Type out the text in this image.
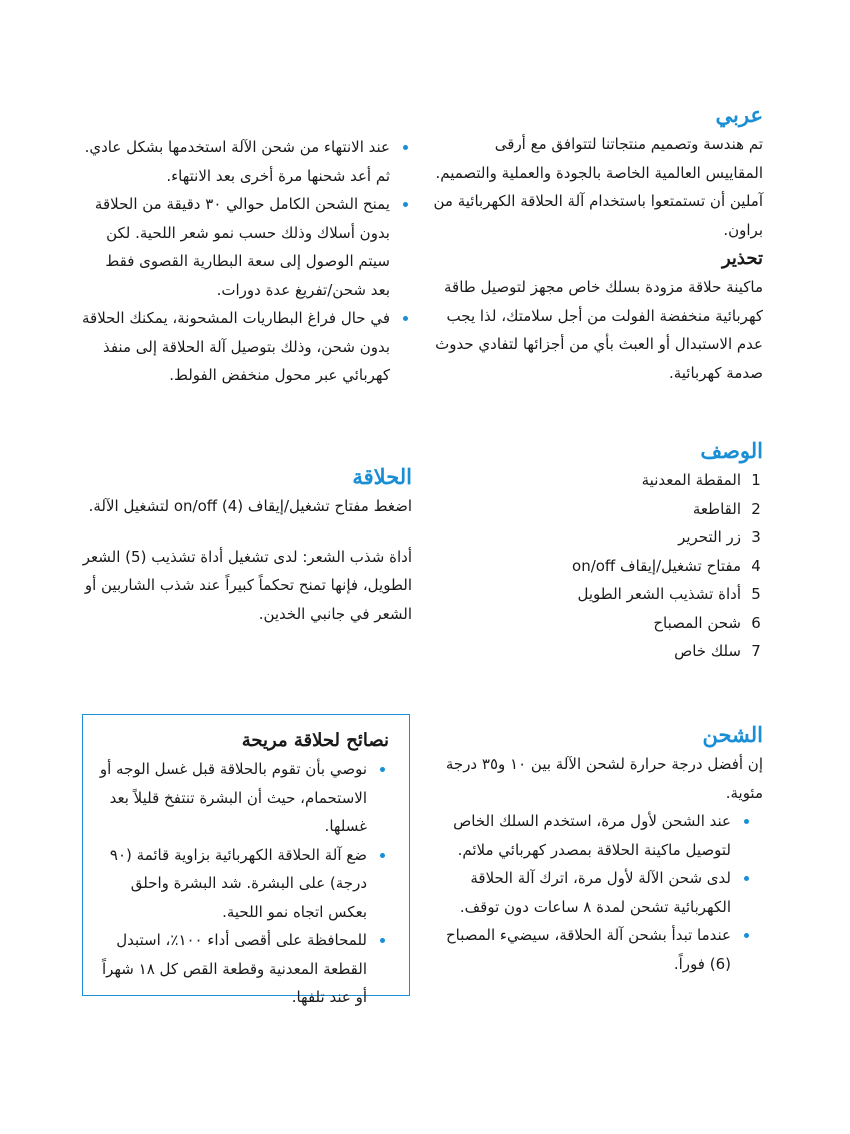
عربي

تم هندسة وتصميم منتجاتنا لتتوافق مع أرقى المقاييس العالمية الخاصة بالجودة والعملية والتصميم. آملين أن تستمتعوا باستخدام آلة الحلاقة الكهربائية من براون.

تحذير

ماكينة حلاقة مزودة بسلك خاص مجهز لتوصيل طاقة كهربائية منخفضة الفولت من أجل سلامتك، لذا يجب عدم الاستبدال أو العبث بأي من أجزائها لتفادي حدوث صدمة كهربائية.

عند الانتهاء من شحن الآلة استخدمها بشكل عادي. ثم أعد شحنها مرة أخرى بعد الانتهاء.
يمنح الشحن الكامل حوالي ٣٠ دقيقة من الحلاقة بدون أسلاك وذلك حسب نمو شعر اللحية. لكن سيتم الوصول إلى سعة البطارية القصوى فقط بعد شحن/تفريغ عدة دورات.
في حال فراغ البطاريات المشحونة، يمكنك الحلاقة بدون شحن، وذلك بتوصيل آلة الحلاقة إلى منفذ كهربائي عبر محول منخفض الفولط.
الوصف
1المقطة المعدنية
2القاطعة
3زر التحرير
4مفتاح تشغيل/إيقاف on/off
5أداة تشذيب الشعر الطويل
6شحن المصباح
7سلك خاص
الحلاقة

اضغط مفتاح تشغيل/إيقاف on/off (4) لتشغيل الآلة.

أداة شذب الشعر: لدى تشغيل أداة تشذيب (5) الشعر الطويل، فإنها تمنح تحكماً كبيراً عند شذب الشاربين أو الشعر في جانبي الخدين.

الشحن

إن أفضل درجة حرارة لشحن الآلة بين ١٠ و٣٥ درجة مئوية.

عند الشحن لأول مرة، استخدم السلك الخاص لتوصيل ماكينة الحلاقة بمصدر كهربائي ملائم.
لدى شحن الآلة لأول مرة، اترك آلة الحلاقة الكهربائية تشحن لمدة ٨ ساعات دون توقف.
عندما تبدأ بشحن آلة الحلاقة، سيضيء المصباح (6) فوراً.
نصائح لحلاقة مريحة
نوصي بأن تقوم بالحلاقة قبل غسل الوجه أو الاستحمام، حيث أن البشرة تنتفخ قليلاً بعد غسلها.
ضع آلة الحلاقة الكهربائية بزاوية قائمة (٩٠ درجة) على البشرة. شد البشرة واحلق بعكس اتجاه نمو اللحية.
للمحافظة على أقصى أداء ١٠٠٪، استبدل القطعة المعدنية وقطعة القص كل ١٨ شهراً أو عند تلفها.
